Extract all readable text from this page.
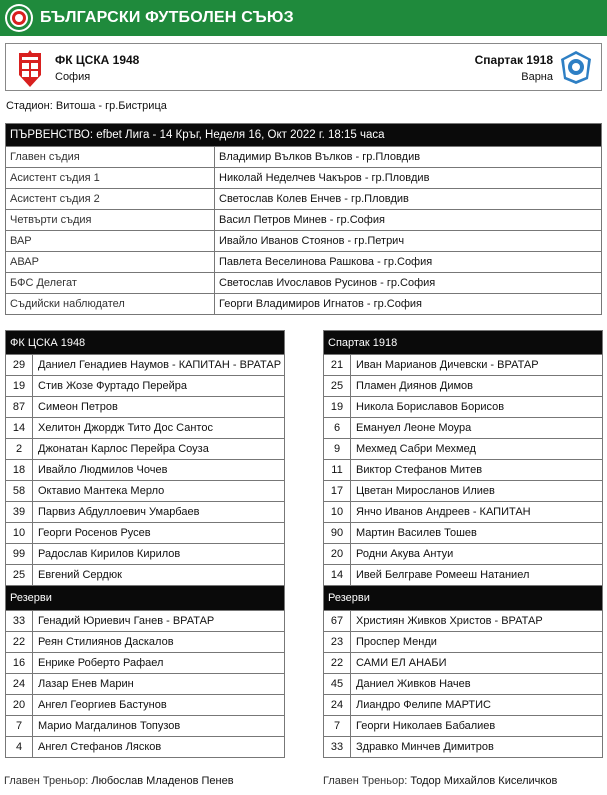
БЪЛГАРСКИ ФУТБОЛЕН СЪЮЗ
ФК ЦСКА 1948
София
Спартак 1918
Варна
Стадион: Витоша - гр.Бистрица
ПЪРВЕНСТВО: efbet Лига - 14 Кръг, Неделя 16, Окт 2022 г. 18:15 часа	
Главен съдия	Владимир Вълков Вълков - гр.Пловдив
Асистент съдия 1	Николай Неделчев Чакъров - гр.Пловдив
Асистент съдия 2	Светослав Колев Енчев - гр.Пловдив
Четвърти съдия	Васил Петров Минев - гр.София
ВАР	Ивайло Иванов Стоянов - гр.Петрич
АВАР	Павлета Веселинова Рашкова - гр.София
БФС Делегат	Светослав Иvославов Русинов - гр.София
Съдийски наблюдател	Георги Владимиров Игнатов - гр.София
ФК ЦСКА 1948	
29	Даниел Генадиев Наумов - КАПИТАН - ВРАТАР
19	Стив Жозе Фуртадо Перейра
87	Симеон Петров
14	Хелитон Джордж Тито Дос Сантос
2	Джонатан Карлос Перейра Соуза
18	Ивайло Людмилов Чочев
58	Октавио Мантека Мерло
39	Парвиз Абдуллоевич Умарбаев
10	Георги Росенов Русев
99	Радослав Кирилов Кирилов
25	Евгений Сердюк
Резерви	
33	Генадий Юриевич Ганев - ВРАТАР
22	Реян Стилиянов Даскалов
16	Енрике Роберто Рафаел
24	Лазар Енев Марин
20	Ангел Георгиев Бастунов
7	Марио Магдалинов Топузов
4	Ангел Стефанов Лясков
Спартак 1918	
21	Иван Марианов Дичевски - ВРАТАР
25	Пламен Диянов Димов
19	Никола Бориславов Борисов
6	Емануел Леоне Моура
9	Мехмед Сабри Мехмед
11	Виктор Стефанов Митев
17	Цветан Миросланов Илиев
10	Янчо Иванов Андреев - КАПИТАН
90	Мартин Василев Тошев
20	Родни Акува Антуи
14	Ивей Белграве Ромееш Натаниел
Резерви	
67	Християн Живков Христов - ВРАТАР
23	Проспер Менди
22	САМИ ЕЛ АНАБИ
45	Даниел Живков Начев
24	Лиандро Фелипе МАРТИС
7	Георги Николаев Бабалиев
33	Здравко Минчев Димитров
Главен Треньор: Любослав Младенов Пенев	Главен Треньор: Тодор Михайлов Киселичков
